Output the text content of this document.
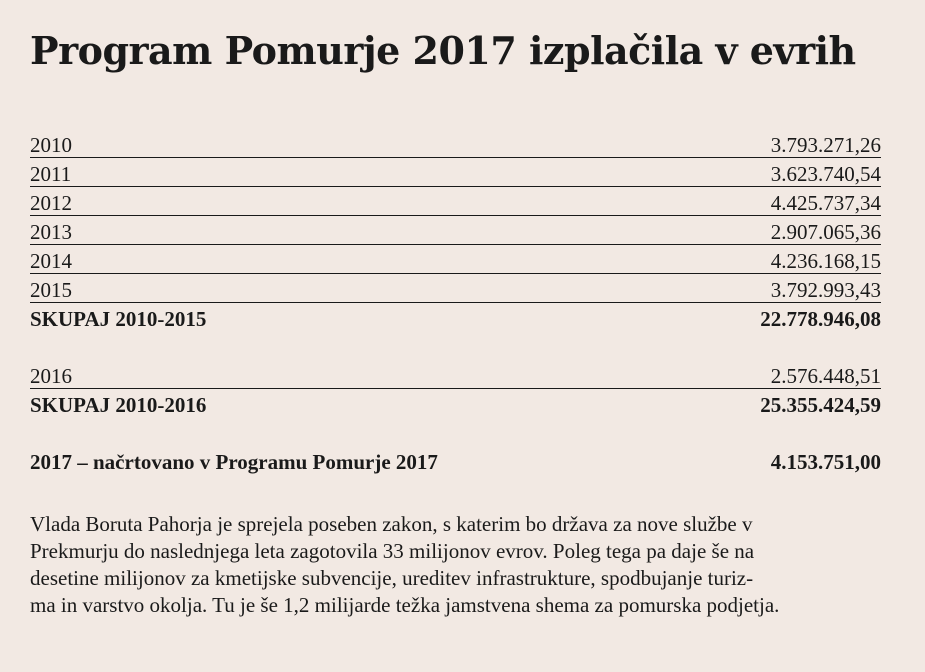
Program Pomurje 2017 izplačila v evrih
2010	3.793.271,26
2011	3.623.740,54
2012	4.425.737,34
2013	2.907.065,36
2014	4.236.168,15
2015	3.792.993,43
SKUPAJ 2010-2015	22.778.946,08
2016	2.576.448,51
SKUPAJ 2010-2016	25.355.424,59
2017 – načrtovano v Programu Pomurje 2017	4.153.751,00
Vlada Boruta Pahorja je sprejela poseben zakon, s katerim bo država za nove službe v
Prekmurju do naslednjega leta zagotovila 33 milijonov evrov. Poleg tega pa daje še na
desetine milijonov za kmetijske subvencije, ureditev infrastrukture, spodbujanje turiz-
ma in varstvo okolja. Tu je še 1,2 milijarde težka jamstvena shema za pomurska podjetja.
